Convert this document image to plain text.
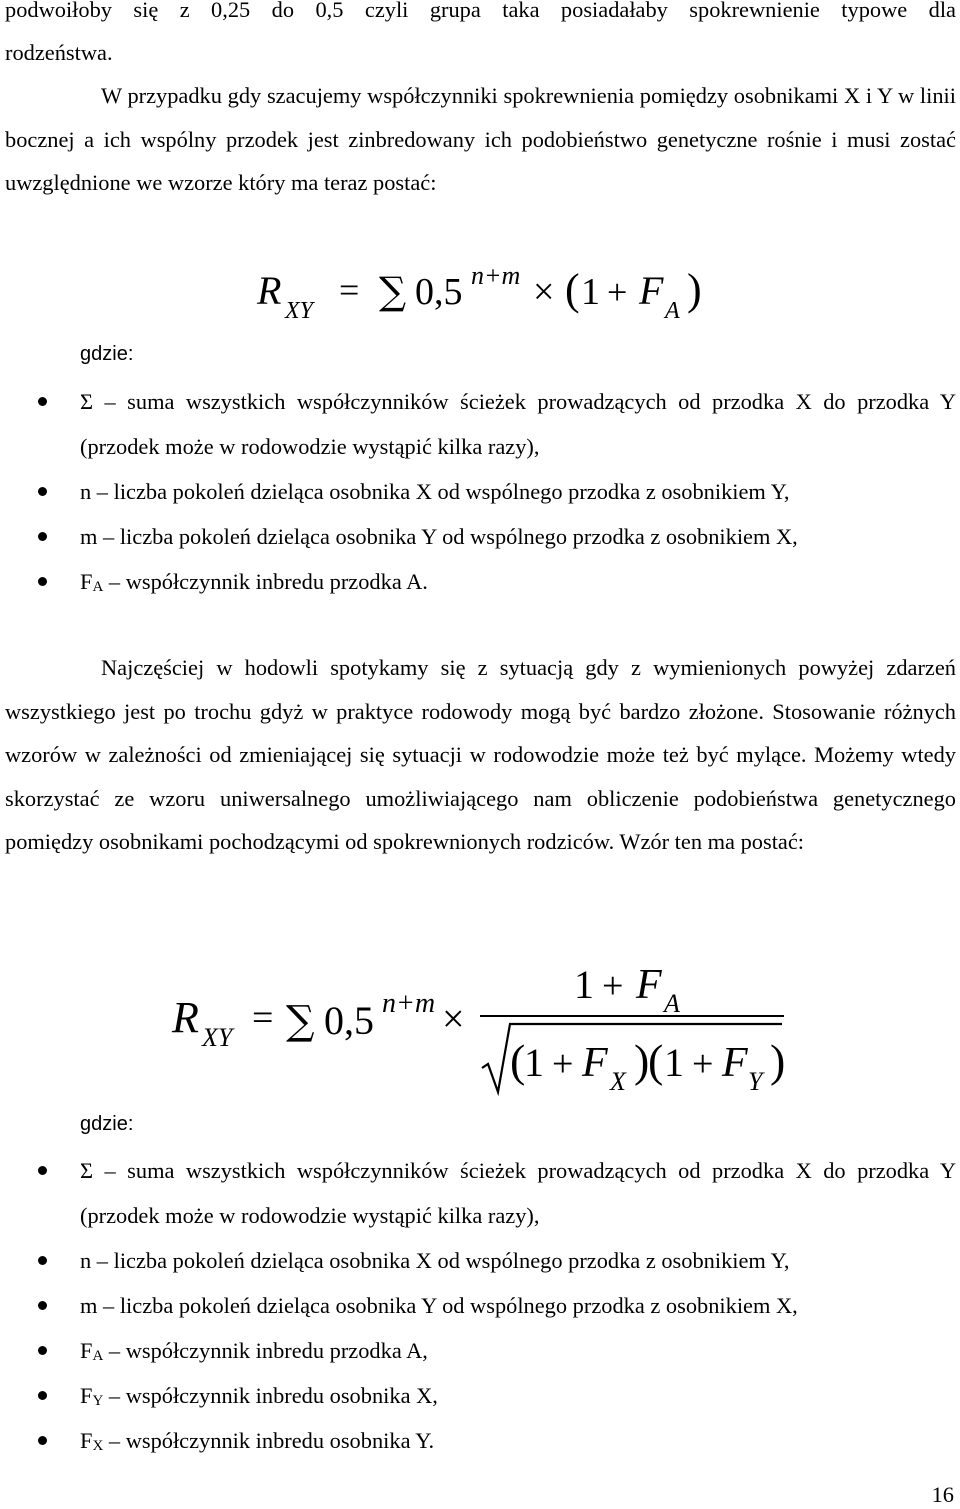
podwoiłoby się z 0,25 do 0,5 czyli grupa taka posiadałaby spokrewnienie typowe dla

rodzeństwa.

W przypadku gdy szacujemy współczynniki spokrewnienia pomiędzy osobnikami X i Y w linii bocznej a ich wspólny przodek jest zinbredowany ich podobieństwo genetyczne rośnie i musi zostać uwzględnione we wzorze który ma teraz postać:

R XY
= ∑ 0,5 n+m × ( 1 + F A )
gdzie:
Σ – suma wszystkich współczynników ścieżek prowadzących od przodka X do przodka Y (przodek może w rodowodzie wystąpić kilka razy),
n – liczba pokoleń dzieląca osobnika X od wspólnego przodka z osobnikiem Y,
m – liczba pokoleń dzieląca osobnika Y od wspólnego przodka z osobnikiem X,
$F_A$ – współczynnik inbredu przodka A.

Najczęściej w hodowli spotykamy się z sytuacją gdy z wymienionych powyżej zdarzeń wszystkiego jest po trochu gdyż w praktyce rodowody mogą być bardzo złożone. Stosowanie różnych wzorów w zależności od zmieniającej się sytuacji w rodowodzie może też być mylące. Możemy wtedy skorzystać ze wzoru uniwersalnego umożliwiającego nam obliczenie podobieństwa genetycznego pomiędzy osobnikami pochodzącymi od spokrewnionych rodziców. Wzór ten ma postać:

R XY = ∑ 0,5 n+m ×
1 + F A
(
1 + F X )
( 1 + F Y )
gdzie:
Σ – suma wszystkich współczynników ścieżek prowadzących od przodka X do przodka Y (przodek może w rodowodzie wystąpić kilka razy),
n – liczba pokoleń dzieląca osobnika X od wspólnego przodka z osobnikiem Y,
m – liczba pokoleń dzieląca osobnika Y od wspólnego przodka z osobnikiem X,
$F_A$ – współczynnik inbredu przodka A,
$F_Y$ – współczynnik inbredu osobnika X,
$F_X$ – współczynnik inbredu osobnika Y.
16
